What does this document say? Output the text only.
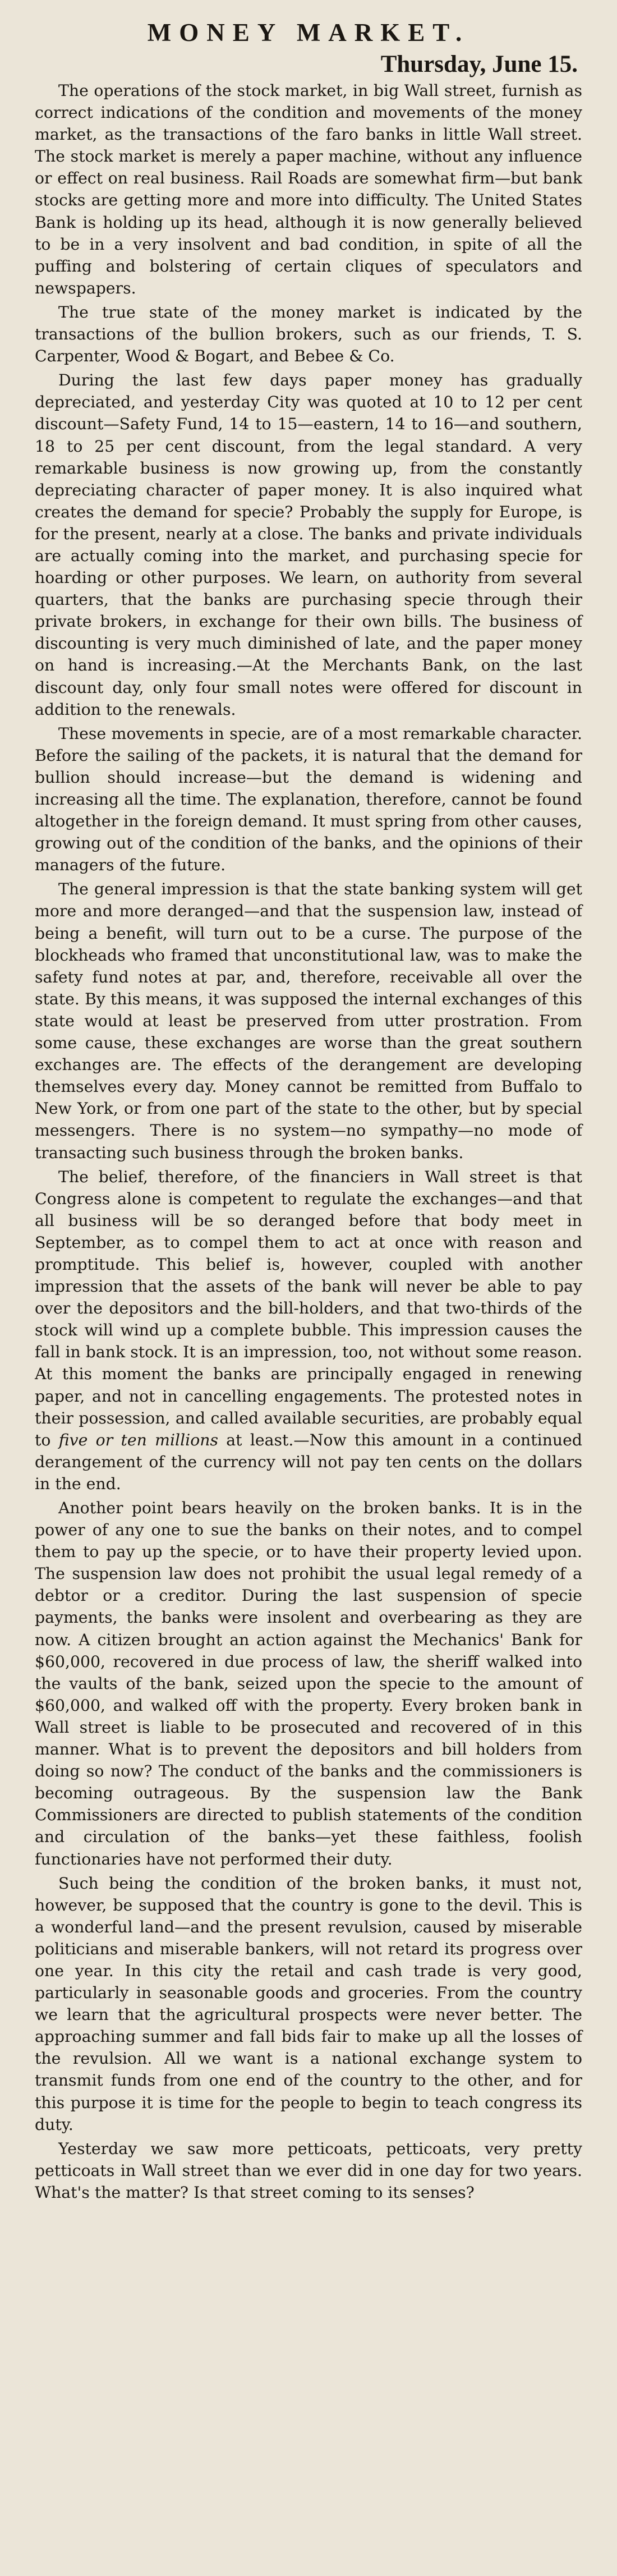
MONEY MARKET.
Thursday, June 15.

The operations of the stock market, in big Wall street, furnish as correct indications of the condition and movements of the money market, as the transactions of the faro banks in little Wall street. The stock market is merely a paper machine, without any influence or effect on real business. Rail Roads are somewhat firm—but bank stocks are getting more and more into difficulty. The United States Bank is holding up its head, although it is now generally believed to be in a very insolvent and bad condition, in spite of all the puffing and bolstering of certain cliques of speculators and newspapers.

The true state of the money market is indicated by the transactions of the bullion brokers, such as our friends, T. S. Carpenter, Wood & Bogart, and Bebee & Co.

During the last few days paper money has gradually depreciated, and yesterday City was quoted at 10 to 12 per cent discount—Safety Fund, 14 to 15—eastern, 14 to 16—and southern, 18 to 25 per cent discount, from the legal standard. A very remarkable business is now growing up, from the constantly depreciating character of paper money. It is also inquired what creates the demand for specie? Probably the supply for Europe, is for the present, nearly at a close. The banks and private individuals are actually coming into the market, and purchasing specie for hoarding or other purposes. We learn, on authority from several quarters, that the banks are purchasing specie through their private brokers, in exchange for their own bills. The business of discounting is very much diminished of late, and the paper money on hand is increasing.—At the Merchants Bank, on the last discount day, only four small notes were offered for discount in addition to the renewals.

These movements in specie, are of a most remarkable character. Before the sailing of the packets, it is natural that the demand for bullion should increase—but the demand is widening and increasing all the time. The explanation, therefore, cannot be found altogether in the foreign demand. It must spring from other causes, growing out of the condition of the banks, and the opinions of their managers of the future.

The general impression is that the state banking system will get more and more deranged—and that the suspension law, instead of being a benefit, will turn out to be a curse. The purpose of the blockheads who framed that unconstitutional law, was to make the safety fund notes at par, and, therefore, receivable all over the state. By this means, it was supposed the internal exchanges of this state would at least be preserved from utter prostration. From some cause, these exchanges are worse than the great southern exchanges are. The effects of the derangement are developing themselves every day. Money cannot be remitted from Buffalo to New York, or from one part of the state to the other, but by special messengers. There is no system—no sympathy—no mode of transacting such business through the broken banks.

The belief, therefore, of the financiers in Wall street is that Congress alone is competent to regulate the exchanges—and that all business will be so deranged before that body meet in September, as to compel them to act at once with reason and promptitude. This belief is, however, coupled with another impression that the assets of the bank will never be able to pay over the depositors and the bill-holders, and that two-thirds of the stock will wind up a complete bubble. This impression causes the fall in bank stock. It is an impression, too, not without some reason. At this moment the banks are principally engaged in renewing paper, and not in cancelling engagements. The protested notes in their possession, and called available securities, are probably equal to five or ten millions at least.—Now this amount in a continued derangement of the currency will not pay ten cents on the dollars in the end.

Another point bears heavily on the broken banks. It is in the power of any one to sue the banks on their notes, and to compel them to pay up the specie, or to have their property levied upon. The suspension law does not prohibit the usual legal remedy of a debtor or a creditor. During the last suspension of specie payments, the banks were insolent and overbearing as they are now. A citizen brought an action against the Mechanics' Bank for $60,000, recovered in due process of law, the sheriff walked into the vaults of the bank, seized upon the specie to the amount of $60,000, and walked off with the property. Every broken bank in Wall street is liable to be prosecuted and recovered of in this manner. What is to prevent the depositors and bill holders from doing so now? The conduct of the banks and the commissioners is becoming outrageous. By the suspension law the Bank Commissioners are directed to publish statements of the condition and circulation of the banks—yet these faithless, foolish functionaries have not performed their duty.

Such being the condition of the broken banks, it must not, however, be supposed that the country is gone to the devil. This is a wonderful land—and the present revulsion, caused by miserable politicians and miserable bankers, will not retard its progress over one year. In this city the retail and cash trade is very good, particularly in seasonable goods and groceries. From the country we learn that the agricultural prospects were never better. The approaching summer and fall bids fair to make up all the losses of the revulsion. All we want is a national exchange system to transmit funds from one end of the country to the other, and for this purpose it is time for the people to begin to teach congress its duty.

Yesterday we saw more petticoats, petticoats, very pretty petticoats in Wall street than we ever did in one day for two years. What's the matter? Is that street coming to its senses?
